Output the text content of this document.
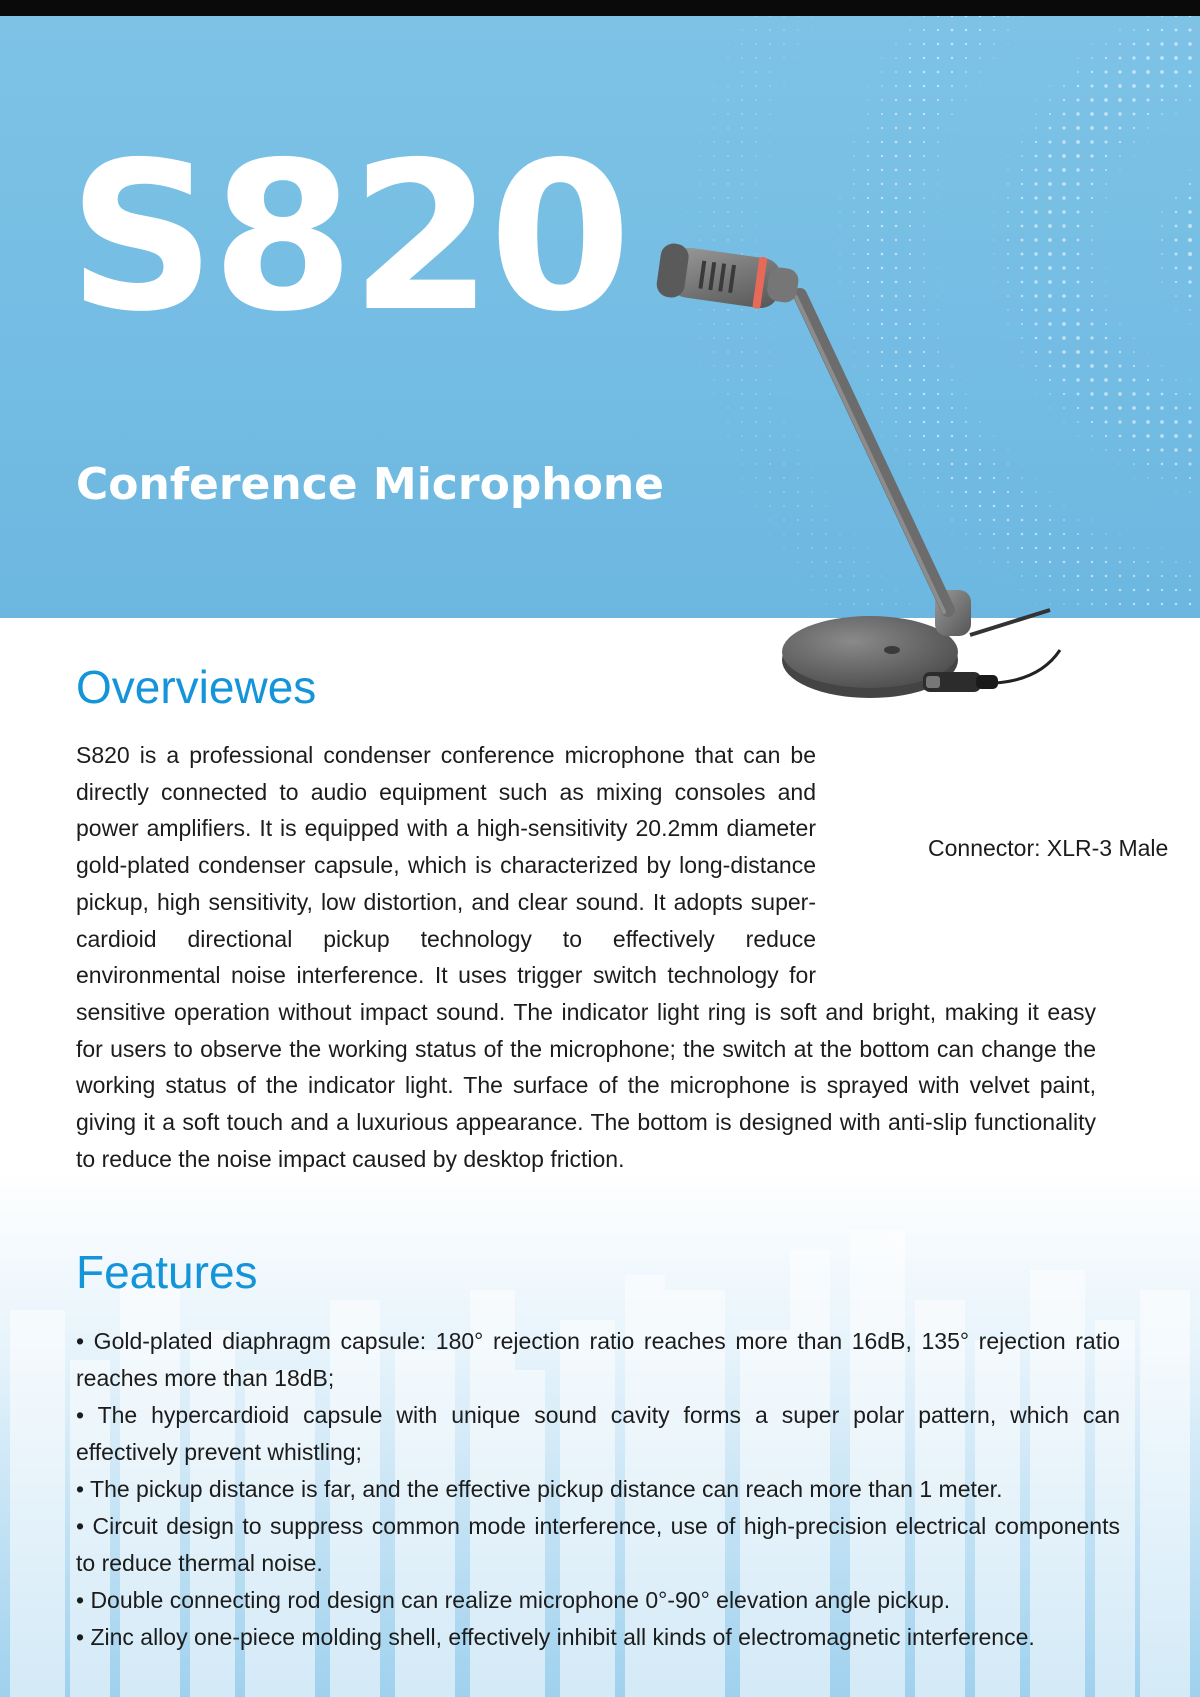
S820
Conference Microphone
Connector: XLR-3 Male
Overviewes
S820 is a professional condenser conference microphone that can be directly connected to audio equipment such as mixing consoles and power amplifiers. It is equipped with a high-sensitivity 20.2mm diameter gold-plated condenser capsule, which is characterized by long-distance pickup, high sensitivity, low distortion, and clear sound. It adopts super-cardioid directional pickup technology to effectively reduce environmental noise interference. It uses trigger switch technology for sensitive operation without impact sound. The indicator light ring is soft and bright, making it easy for users to observe the working status of the microphone; the switch at the bottom can change the working status of the indicator light. The surface of the microphone is sprayed with velvet paint, giving it a soft touch and a luxurious appearance. The bottom is designed with anti-slip functionality to reduce the noise impact caused by desktop friction.
Features
• Gold-plated diaphragm capsule: 180° rejection ratio reaches more than 16dB, 135° rejection ratio reaches more than 18dB;
• The hypercardioid capsule with unique sound cavity forms a super polar pattern, which can effectively prevent whistling;
• The pickup distance is far, and the effective pickup distance can reach more than 1 meter.
• Circuit design to suppress common mode interference, use of high-precision electrical components to reduce thermal noise.
• Double connecting rod design can realize microphone 0°-90° elevation angle pickup.
• Zinc alloy one-piece molding shell, effectively inhibit all kinds of electromagnetic interference.
